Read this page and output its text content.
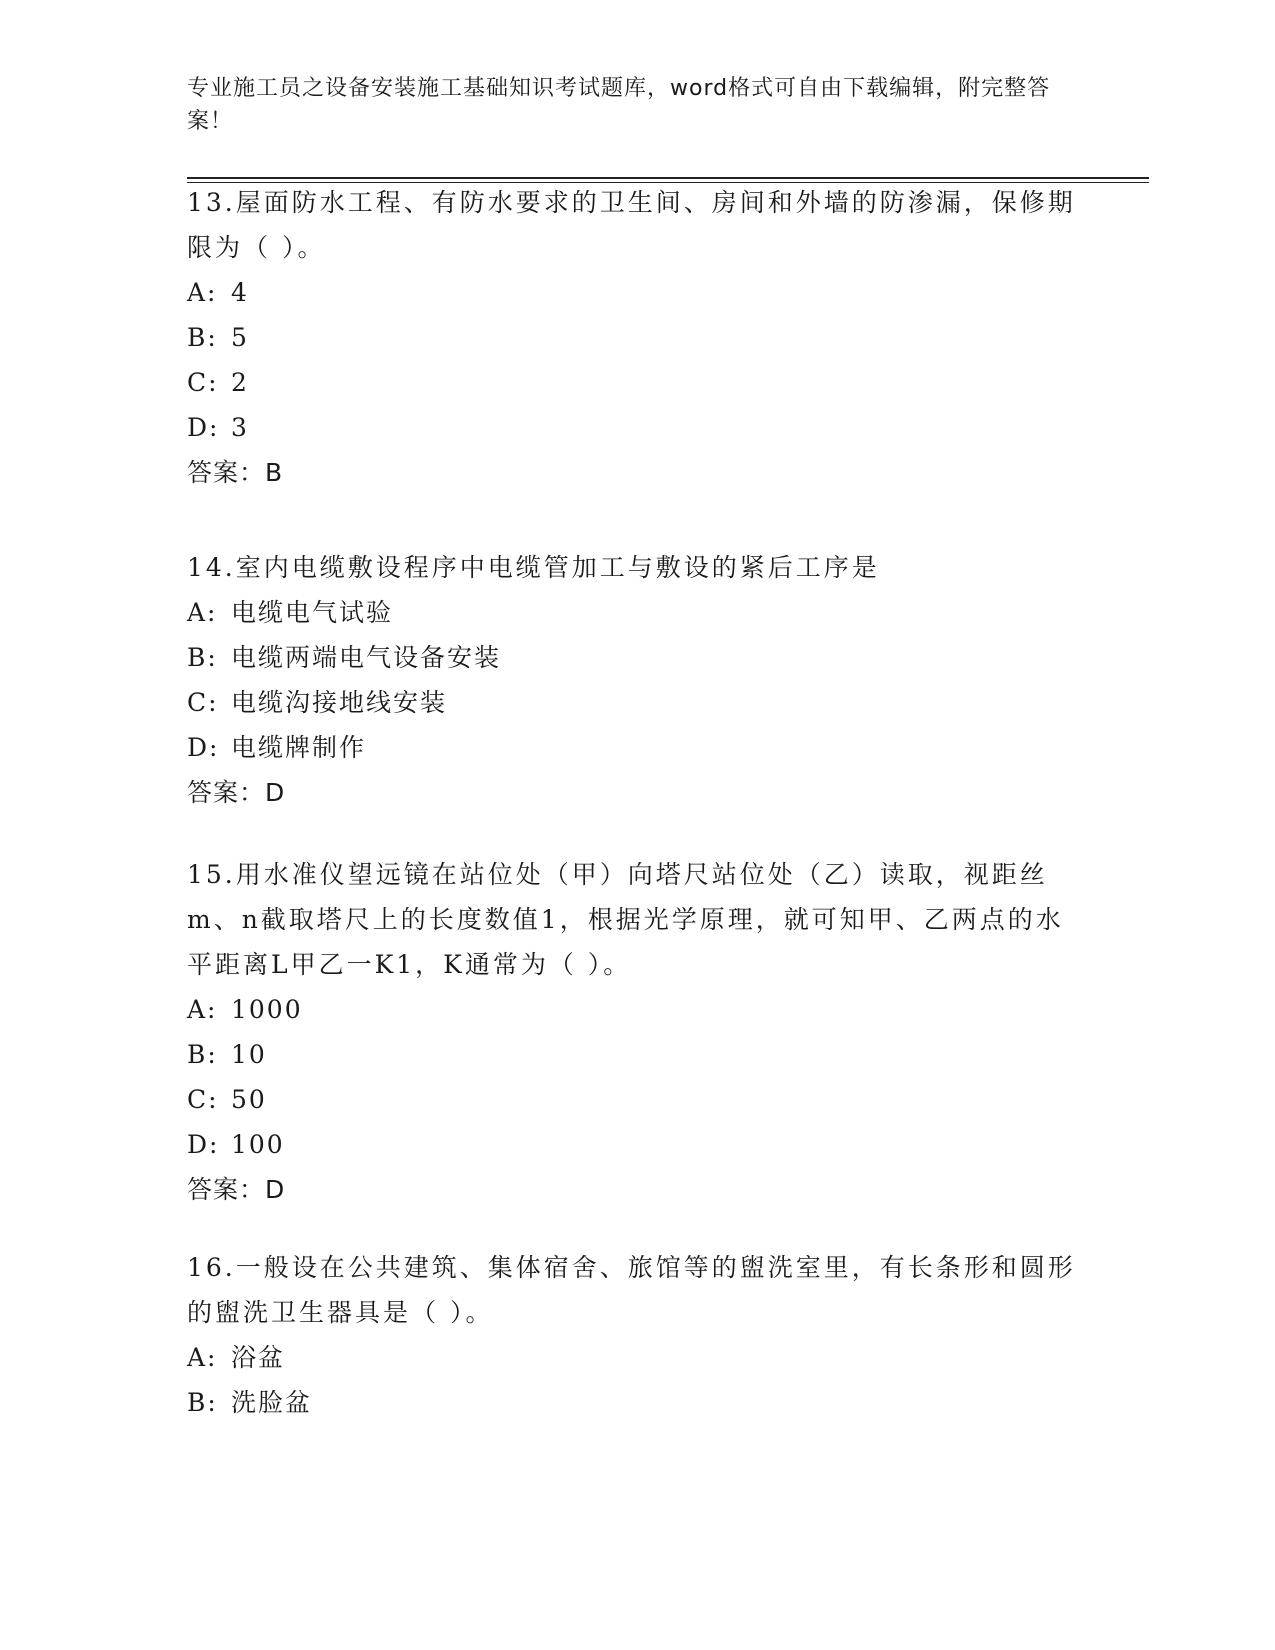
专业施工员之设备安装施工基础知识考试题库，word格式可自由下载编辑，附完整答案！
13.屋面防水工程、有防水要求的卫生间、房间和外墙的防渗漏，保修期限为（ ）。
A: 4
B: 5
C: 2
D: 3
答案：B
14.室内电缆敷设程序中电缆管加工与敷设的紧后工序是
A: 电缆电气试验
B: 电缆两端电气设备安装
C: 电缆沟接地线安装
D: 电缆牌制作
答案：D
15.用水准仪望远镜在站位处（甲）向塔尺站位处（乙）读取，视距丝m、n截取塔尺上的长度数值1，根据光学原理，就可知甲、乙两点的水平距离L甲乙一K1，K通常为（ ）。
A: 1000
B: 10
C: 50
D: 100
答案：D
16.一般设在公共建筑、集体宿舍、旅馆等的盥洗室里，有长条形和圆形的盥洗卫生器具是（ ）。
A: 浴盆
B: 洗脸盆
